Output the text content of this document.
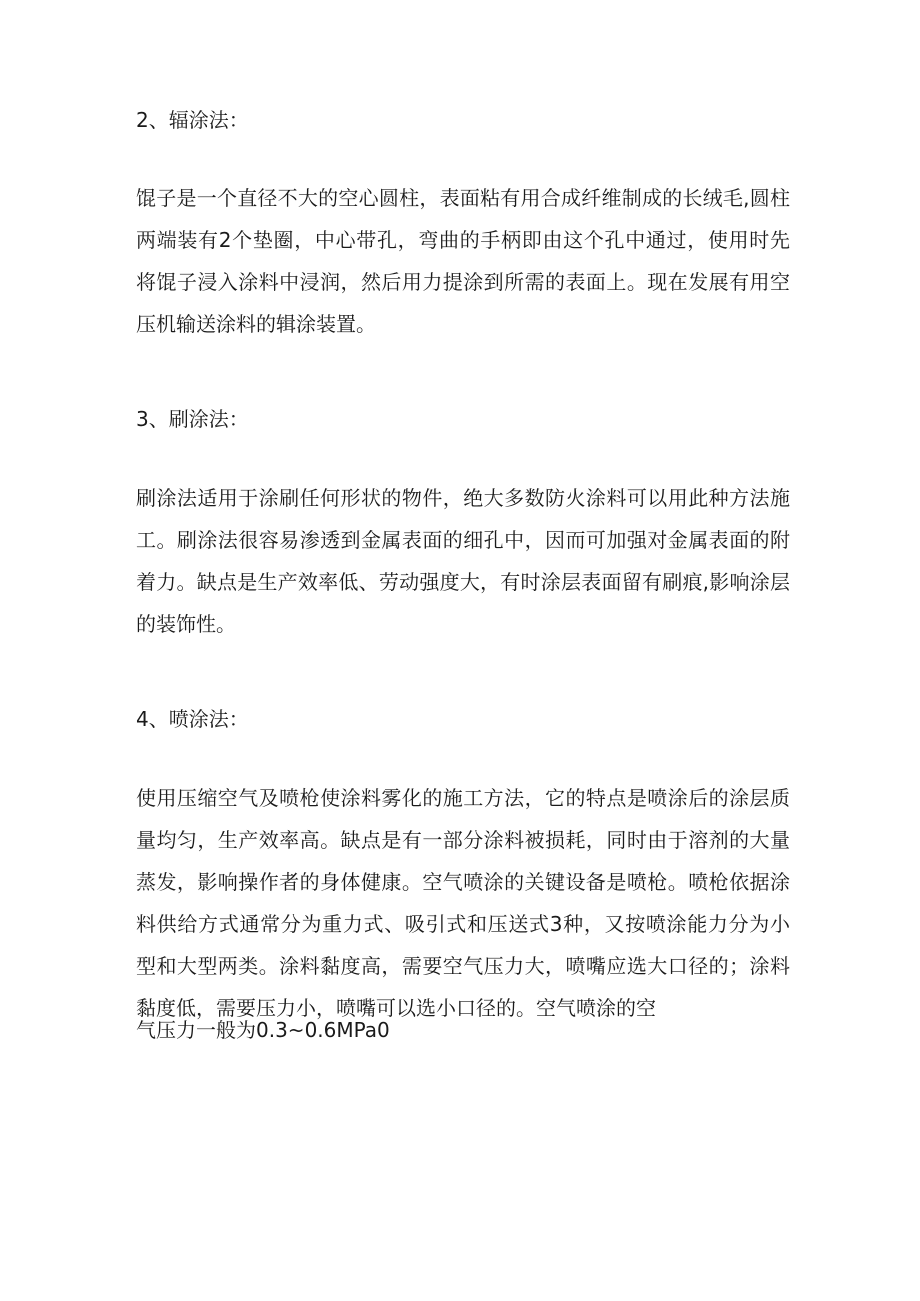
2、辐涂法：
馄子是一个直径不大的空心圆柱，表面粘有用合成纤维制成的长绒毛,圆柱
两端装有2个垫圈，中心带孔，弯曲的手柄即由这个孔中通过，使用时先
将馄子浸入涂料中浸润，然后用力提涂到所需的表面上。现在发展有用空
压机输送涂料的辑涂装置。
3、刷涂法：
刷涂法适用于涂刷任何形状的物件，绝大多数防火涂料可以用此种方法施
工。刷涂法很容易渗透到金属表面的细孔中，因而可加强对金属表面的附
着力。缺点是生产效率低、劳动强度大，有时涂层表面留有刷痕,影响涂层
的装饰性。
4、喷涂法：
使用压缩空气及喷枪使涂料雾化的施工方法，它的特点是喷涂后的涂层质
量均匀，生产效率高。缺点是有一部分涂料被损耗，同时由于溶剂的大量
蒸发，影响操作者的身体健康。空气喷涂的关键设备是喷枪。喷枪依据涂
料供给方式通常分为重力式、吸引式和压送式3种，又按喷涂能力分为小
型和大型两类。涂料黏度高，需要空气压力大，喷嘴应选大口径的；涂料
黏度低，需要压力小，喷嘴可以选小口径的。空气喷涂的空
气压力一般为0.3~0.6MPa0
